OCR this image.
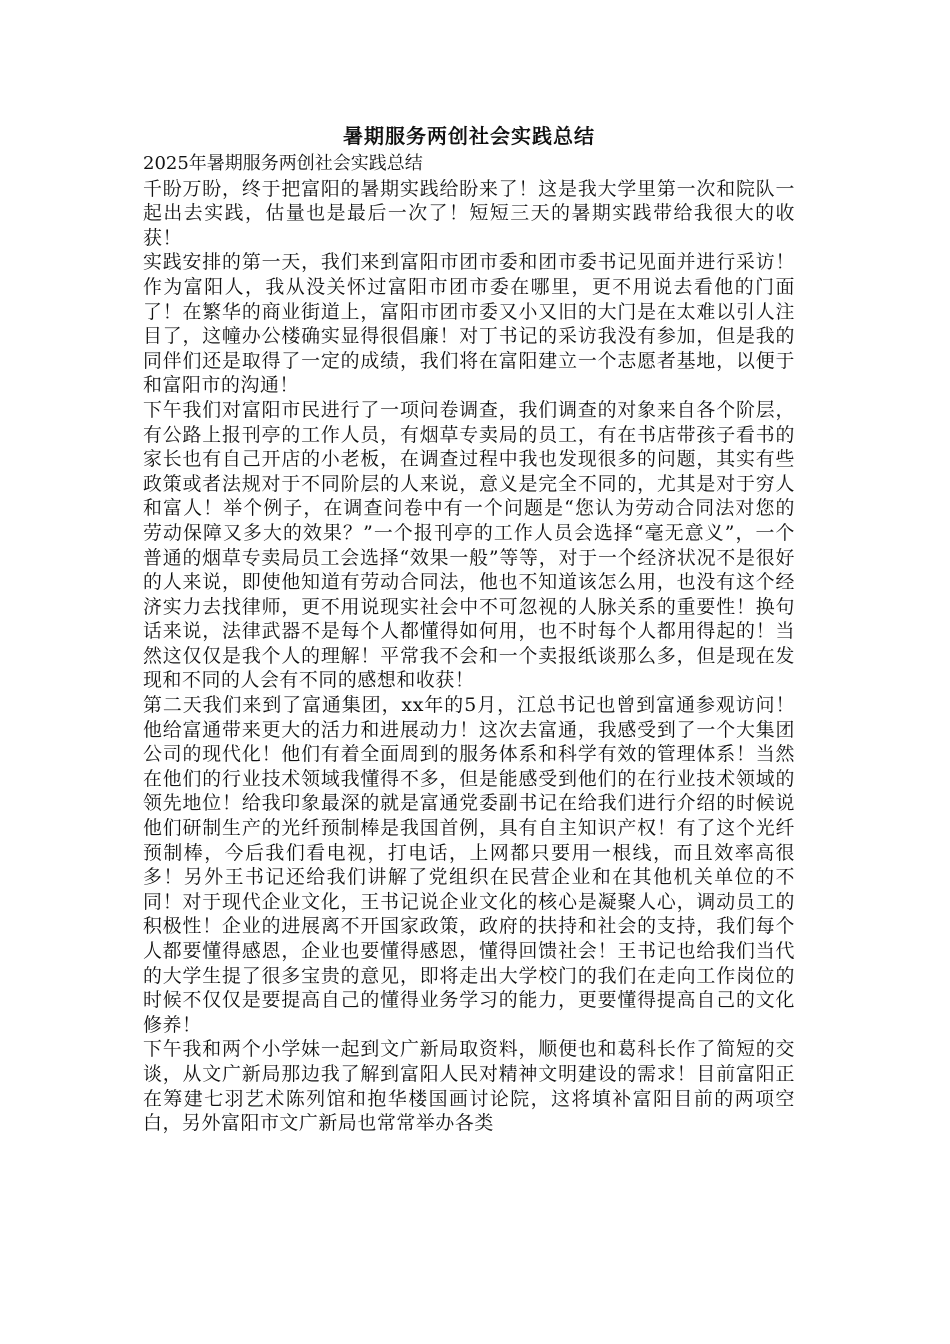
暑期服务两创社会实践总结

2025年暑期服务两创社会实践总结

千盼万盼，终于把富阳的暑期实践给盼来了！这是我大学里第一次和院队一起出去实践，估量也是最后一次了！短短三天的暑期实践带给我很大的收获！

实践安排的第一天，我们来到富阳市团市委和团市委书记见面并进行采访！作为富阳人，我从没关怀过富阳市团市委在哪里，更不用说去看他的门面了！在繁华的商业街道上，富阳市团市委又小又旧的大门是在太难以引人注目了，这幢办公楼确实显得很倡廉！对丁书记的采访我没有参加，但是我的同伴们还是取得了一定的成绩，我们将在富阳建立一个志愿者基地，以便于和富阳市的沟通！

下午我们对富阳市民进行了一项问卷调查，我们调查的对象来自各个阶层，有公路上报刊亭的工作人员，有烟草专卖局的员工，有在书店带孩子看书的家长也有自己开店的小老板，在调查过程中我也发现很多的问题，其实有些政策或者法规对于不同阶层的人来说，意义是完全不同的，尤其是对于穷人和富人！举个例子，在调查问卷中有一个问题是“您认为劳动合同法对您的劳动保障又多大的效果？”一个报刊亭的工作人员会选择“毫无意义”，一个普通的烟草专卖局员工会选择“效果一般”等等，对于一个经济状况不是很好的人来说，即使他知道有劳动合同法，他也不知道该怎么用，也没有这个经济实力去找律师，更不用说现实社会中不可忽视的人脉关系的重要性！换句话来说，法律武器不是每个人都懂得如何用，也不时每个人都用得起的！当然这仅仅是我个人的理解！平常我不会和一个卖报纸谈那么多，但是现在发现和不同的人会有不同的感想和收获！

第二天我们来到了富通集团，xx年的5月，江总书记也曾到富通参观访问！他给富通带来更大的活力和进展动力！这次去富通，我感受到了一个大集团公司的现代化！他们有着全面周到的服务体系和科学有效的管理体系！当然在他们的行业技术领域我懂得不多，但是能感受到他们的在行业技术领域的领先地位！给我印象最深的就是富通党委副书记在给我们进行介绍的时候说他们研制生产的光纤预制棒是我国首例，具有自主知识产权！有了这个光纤预制棒，今后我们看电视，打电话，上网都只要用一根线，而且效率高很多！另外王书记还给我们讲解了党组织在民营企业和在其他机关单位的不同！对于现代企业文化，王书记说企业文化的核心是凝聚人心，调动员工的积极性！企业的进展离不开国家政策，政府的扶持和社会的支持，我们每个人都要懂得感恩，企业也要懂得感恩，懂得回馈社会！王书记也给我们当代的大学生提了很多宝贵的意见，即将走出大学校门的我们在走向工作岗位的时候不仅仅是要提高自己的懂得业务学习的能力，更要懂得提高自己的文化修养！

下午我和两个小学妹一起到文广新局取资料，顺便也和葛科长作了简短的交谈，从文广新局那边我了解到富阳人民对精神文明建设的需求！目前富阳正在筹建七羽艺术陈列馆和抱华楼国画讨论院，这将填补富阳目前的两项空白，另外富阳市文广新局也常常举办各类
